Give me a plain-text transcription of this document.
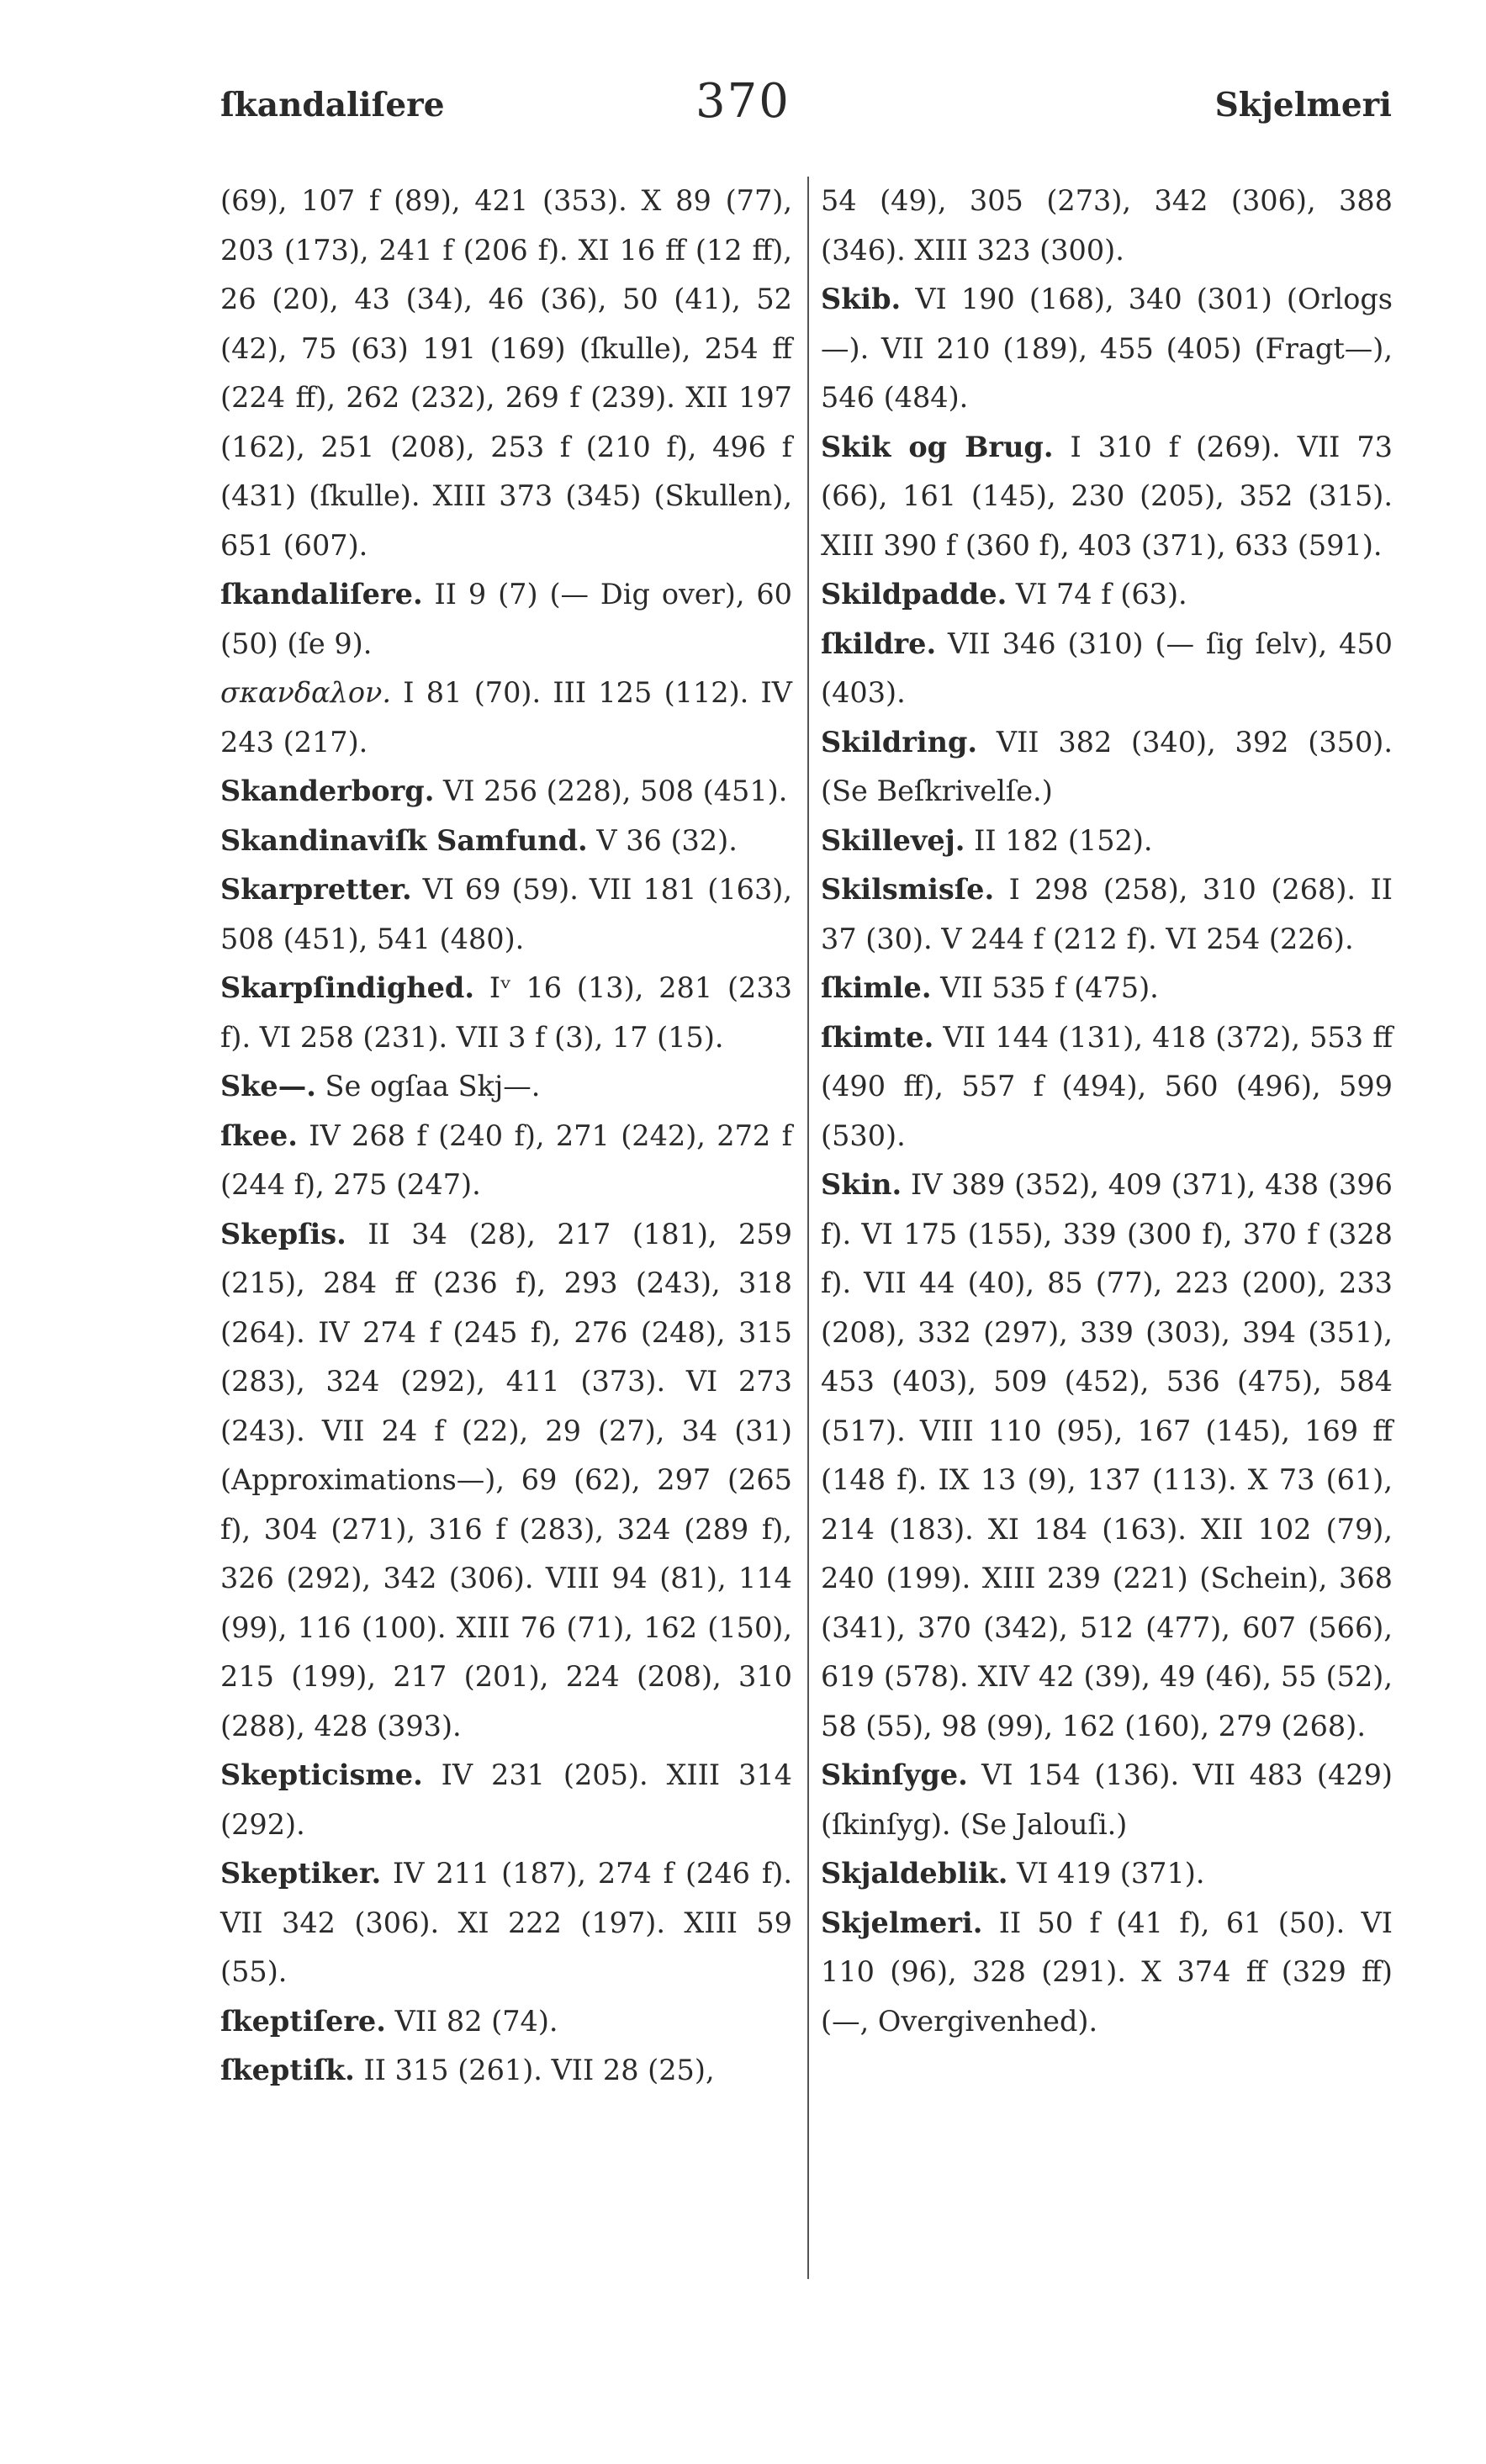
ſkandaliſere	370	Skjelmeri

(69), 107 f (89), 421 (353). X 89 (77), 203 (173), 241 f (206 f). XI 16 ff (12 ff), 26 (20), 43 (34), 46 (36), 50 (41), 52 (42), 75 (63) 191 (169) (ſkulle), 254 ff (224 ff), 262 (232), 269 f (239). XII 197 (162), 251 (208), 253 f (210 f), 496 f (431) (ſkulle). XIII 373 (345) (Skullen), 651 (607).

ſkandaliſere. II 9 (7) (— Dig over), 60 (50) (ſe 9).

σκανδαλον. I 81 (70). III 125 (112). IV 243 (217).

Skanderborg. VI 256 (228), 508 (451).

Skandinaviſk Samfund. V 36 (32).

Skarpretter. VI 69 (59). VII 181 (163), 508 (451), 541 (480).

Skarpſindighed. Iᵛ 16 (13), 281 (233 f). VI 258 (231). VII 3 f (3), 17 (15).

Ske—. Se ogſaa Skj—.

ſkee. IV 268 f (240 f), 271 (242), 272 f (244 f), 275 (247).

Skepſis. II 34 (28), 217 (181), 259 (215), 284 ff (236 f), 293 (243), 318 (264). IV 274 f (245 f), 276 (248), 315 (283), 324 (292), 411 (373). VI 273 (243). VII 24 f (22), 29 (27), 34 (31) (Approximations—), 69 (62), 297 (265 f), 304 (271), 316 f (283), 324 (289 f), 326 (292), 342 (306). VIII 94 (81), 114 (99), 116 (100). XIII 76 (71), 162 (150), 215 (199), 217 (201), 224 (208), 310 (288), 428 (393).

Skepticisme. IV 231 (205). XIII 314 (292).

Skeptiker. IV 211 (187), 274 f (246 f). VII 342 (306). XI 222 (197). XIII 59 (55).

ſkeptiſere. VII 82 (74).

ſkeptiſk. II 315 (261). VII 28 (25),

54 (49), 305 (273), 342 (306), 388 (346). XIII 323 (300).

Skib. VI 190 (168), 340 (301) (Orlogs—). VII 210 (189), 455 (405) (Fragt—), 546 (484).

Skik og Brug. I 310 f (269). VII 73 (66), 161 (145), 230 (205), 352 (315). XIII 390 f (360 f), 403 (371), 633 (591).

Skildpadde. VI 74 f (63).

ſkildre. VII 346 (310) (— ſig ſelv), 450 (403).

Skildring. VII 382 (340), 392 (350). (Se Beſkrivelſe.)

Skillevej. II 182 (152).

Skilsmisſe. I 298 (258), 310 (268). II 37 (30). V 244 f (212 f). VI 254 (226).

ſkimle. VII 535 f (475).

ſkimte. VII 144 (131), 418 (372), 553 ff (490 ff), 557 f (494), 560 (496), 599 (530).

Skin. IV 389 (352), 409 (371), 438 (396 f). VI 175 (155), 339 (300 f), 370 f (328 f). VII 44 (40), 85 (77), 223 (200), 233 (208), 332 (297), 339 (303), 394 (351), 453 (403), 509 (452), 536 (475), 584 (517). VIII 110 (95), 167 (145), 169 ff (148 f). IX 13 (9), 137 (113). X 73 (61), 214 (183). XI 184 (163). XII 102 (79), 240 (199). XIII 239 (221) (Schein), 368 (341), 370 (342), 512 (477), 607 (566), 619 (578). XIV 42 (39), 49 (46), 55 (52), 58 (55), 98 (99), 162 (160), 279 (268).

Skinſyge. VI 154 (136). VII 483 (429) (ſkinſyg). (Se Jalouſi.)

Skjaldeblik. VI 419 (371).

Skjelmeri. II 50 f (41 f), 61 (50). VI 110 (96), 328 (291). X 374 ff (329 ff) (—, Overgivenhed).
